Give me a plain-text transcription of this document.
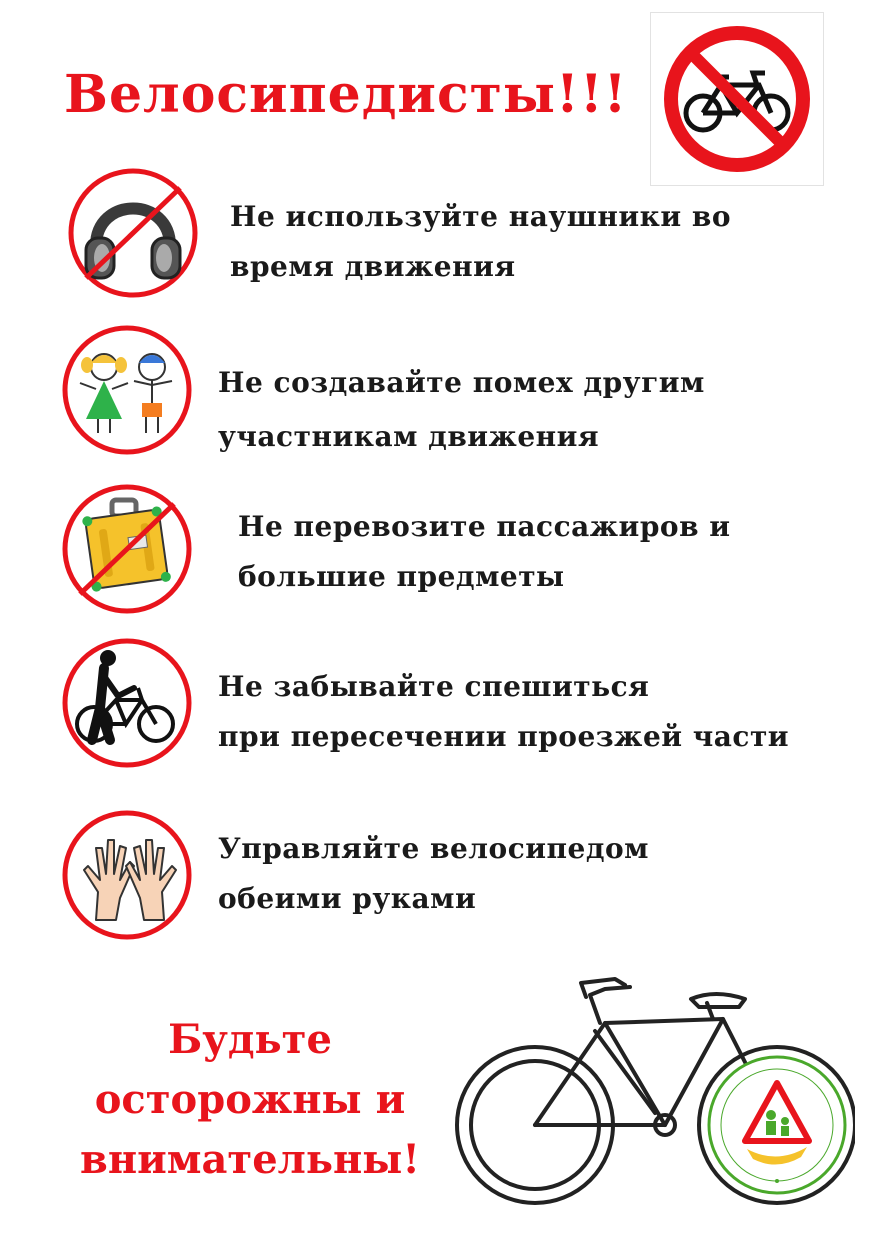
Велосипедисты!!!
Не используйте наушники во
время движения
Не создавайте помех другим
участникам движения
Не перевозите пассажиров и
большие предметы
Не забывайте спешиться
при пересечении проезжей части
Управляйте велосипедом
обеими руками
Будьте
осторожны и
внимательны!
